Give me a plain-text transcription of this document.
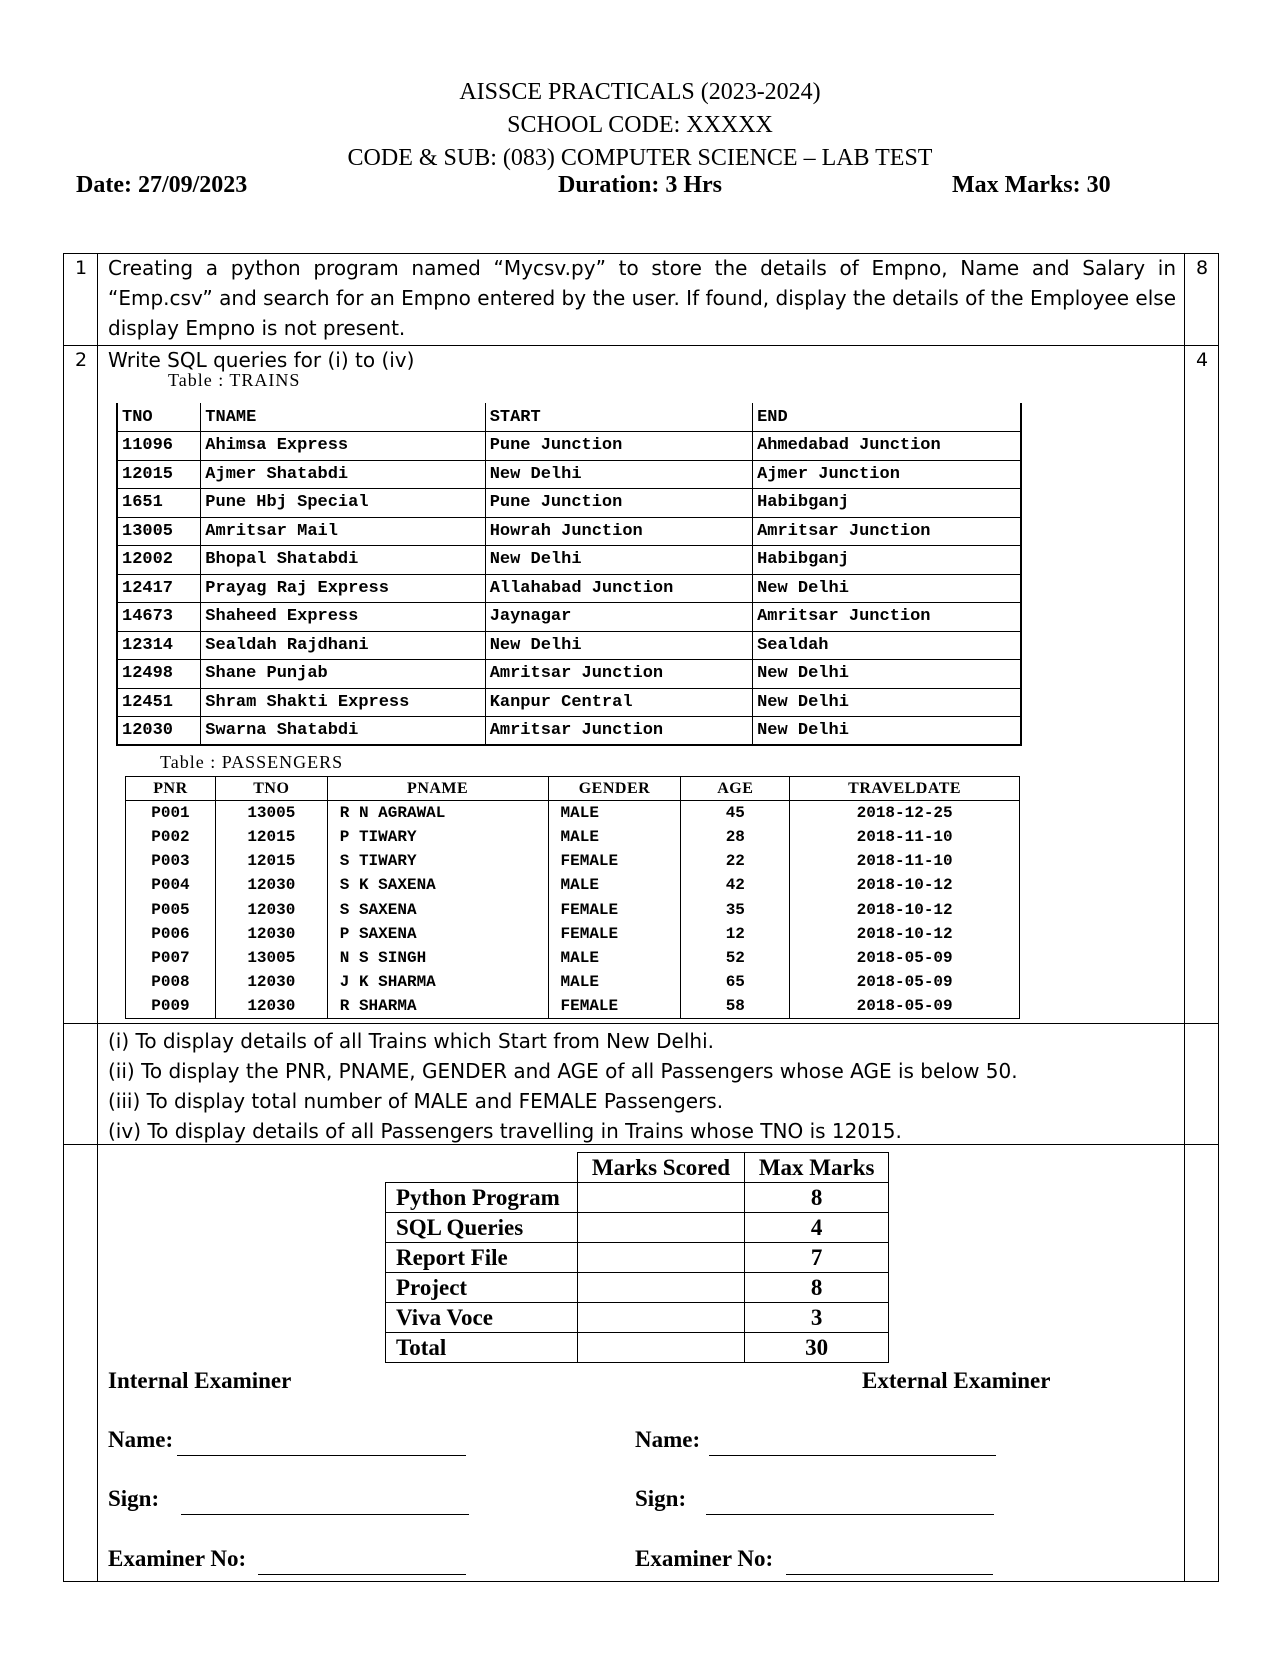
AISSCE PRACTICALS (2023-2024)
SCHOOL CODE: XXXXX
CODE & SUB: (083) COMPUTER SCIENCE – LAB TEST
Date: 27/09/2023	Duration: 3 Hrs	Max Marks: 30
1 Creating a python program named “Mycsv.py” to store the details of Empno, Name and Salary in “Emp.csv” and search for an Empno entered by the user. If found, display the details of the Employee else display Empno is not present.
8
2 Write SQL queries for (i) to (iv)	4
Table : TRAINS
TNO	TNAME	START	END
11096	Ahimsa Express	Pune Junction	Ahmedabad Junction
12015	Ajmer Shatabdi	New Delhi	Ajmer Junction
1651	Pune Hbj Special	Pune Junction	Habibganj
13005	Amritsar Mail	Howrah Junction	Amritsar Junction
12002	Bhopal Shatabdi	New Delhi	Habibganj
12417	Prayag Raj Express	Allahabad Junction	New Delhi
14673	Shaheed Express	Jaynagar	Amritsar Junction
12314	Sealdah Rajdhani	New Delhi	Sealdah
12498	Shane Punjab	Amritsar Junction	New Delhi
12451	Shram Shakti Express	Kanpur Central	New Delhi
12030	Swarna Shatabdi	Amritsar Junction	New Delhi
Table : PASSENGERS
PNR	TNO	PNAME	GENDER	AGE	TRAVELDATE
P001	13005	R N AGRAWAL	MALE	45	2018-12-25
P002	12015	P TIWARY	MALE	28	2018-11-10
P003	12015	S TIWARY	FEMALE	22	2018-11-10
P004	12030	S K SAXENA	MALE	42	2018-10-12
P005	12030	S SAXENA	FEMALE	35	2018-10-12
P006	12030	P SAXENA	FEMALE	12	2018-10-12
P007	13005	N S SINGH	MALE	52	2018-05-09
P008	12030	J K SHARMA	MALE	65	2018-05-09
P009	12030	R SHARMA	FEMALE	58	2018-05-09
(i) To display details of all Trains which Start from New Delhi.
(ii) To display the PNR, PNAME, GENDER and AGE of all Passengers whose AGE is below 50.
(iii) To display total number of MALE and FEMALE Passengers.
(iv) To display details of all Passengers travelling in Trains whose TNO is 12015.
	Marks Scored	Max Marks
Python Program		8
SQL Queries		4
Report File		7
Project		8
Viva Voce		3
Total		30
Internal Examiner	External Examiner
Name:	Name:
Sign:	Sign:
Examiner No:	Examiner No:
